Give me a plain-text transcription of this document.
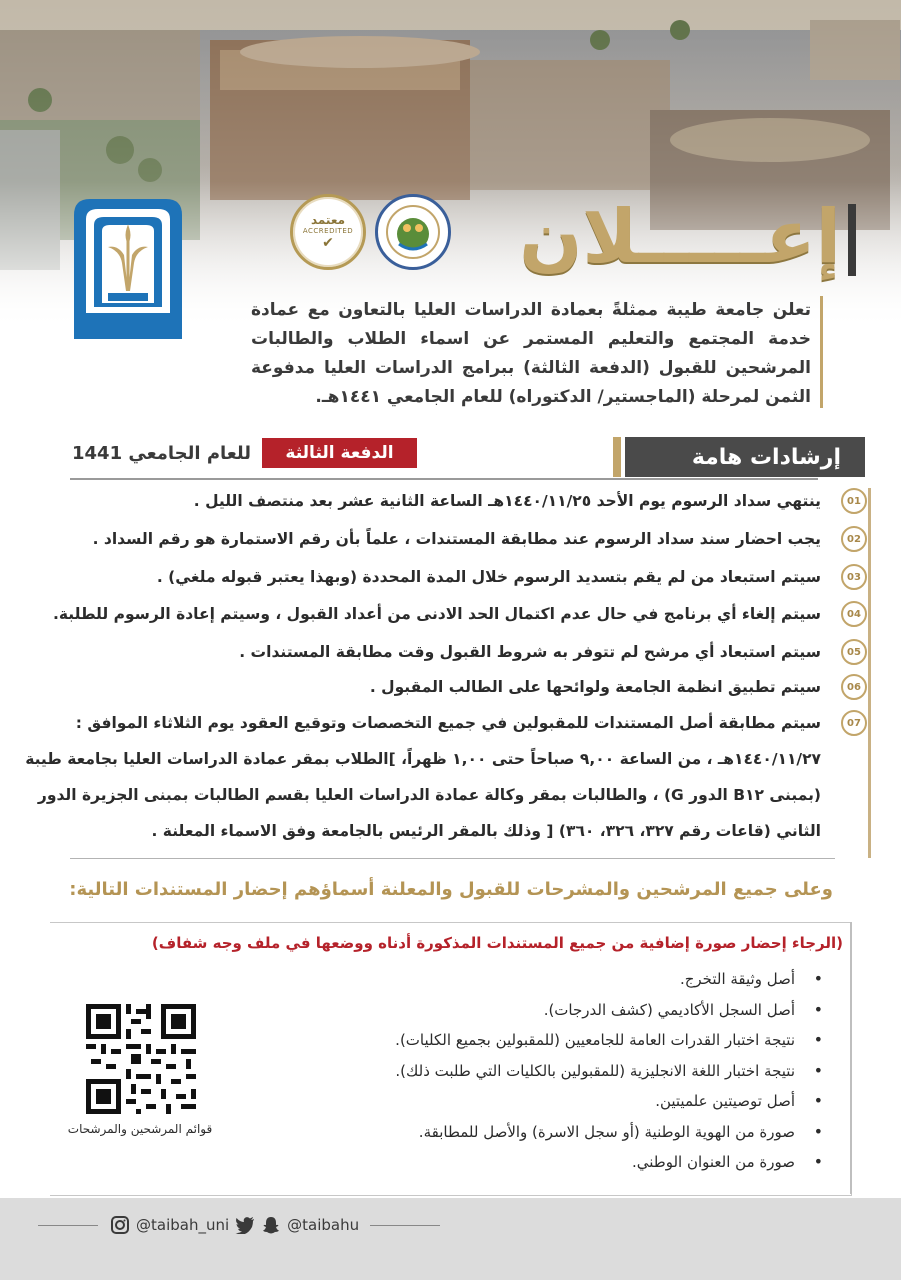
معتمد
ACCREDITED
✔	إعـــــلان
تعلن جامعة طيبة ممثلةً بعمادة الدراسات العليا بالتعاون مع عمادة خدمة المجتمع والتعليم المستمر عن اسماء الطلاب والطالبات المرشحين للقبول (الدفعة الثالثة) ببرامج الدراسات العليا مدفوعة الثمن لمرحلة (الماجستير/ الدكتوراه) للعام الجامعي ١٤٤١هـ.
إرشادات هامة
الدفعة الثالثة
للعام الجامعي 1441
01
ينتهي سداد الرسوم يوم الأحد ١٤٤٠/١١/٢٥هـ الساعة الثانية عشر بعد منتصف الليل .
02
يجب احضار سند سداد الرسوم عند مطابقة المستندات ، علماً بأن رقم الاستمارة هو رقم السداد .
03
سيتم استبعاد من لم يقم بتسديد الرسوم خلال المدة المحددة (وبهذا يعتبر قبوله ملغي) .
04
سيتم إلغاء أي برنامج في حال عدم اكتمال الحد الادنى من أعداد القبول ، وسيتم إعادة الرسوم للطلبة.
05
سيتم استبعاد أي مرشح لم تتوفر به شروط القبول وقت مطابقة المستندات .
06
سيتم تطبيق انظمة الجامعة ولوائحها على الطالب المقبول .
07
سيتم مطابقة أصل المستندات للمقبولين في جميع التخصصات وتوقيع العقود يوم الثلاثاء الموافق : ١٤٤٠/١١/٢٧هـ ، من الساعة ٩,٠٠ صباحاً حتى ١,٠٠ ظهراً، ]الطلاب بمقر عمادة الدراسات العليا بجامعة طيبة (بمبنى B١٢ الدور G) ، والطالبات بمقر وكالة عمادة الدراسات العليا بقسم الطالبات بمبنى الجزيرة الدور الثاني (قاعات رقم ٣٢٧، ٣٢٦، ٣٦٠) [ وذلك بالمقر الرئيس بالجامعة وفق الاسماء المعلنة .
وعلى جميع المرشحين والمشرحات للقبول والمعلنة أسماؤهم إحضار المستندات التالية:
(الرجاء إحضار صورة إضافية من جميع المستندات المذكورة أدناه ووضعها في ملف وجه شفاف)
• أصل وثيقة التخرج.
• أصل السجل الأكاديمي (كشف الدرجات).
• نتيجة اختبار القدرات العامة للجامعيين (للمقبولين بجميع الكليات).
• نتيجة اختبار اللغة الانجليزية (للمقبولين بالكليات التي طلبت ذلك).
• أصل توصيتين علميتين.
• صورة من الهوية الوطنية (أو سجل الاسرة) والأصل للمطابقة.
• صورة من العنوان الوطني.
قوائم المرشحين والمرشحات
@taibah_uni	@taibahu
